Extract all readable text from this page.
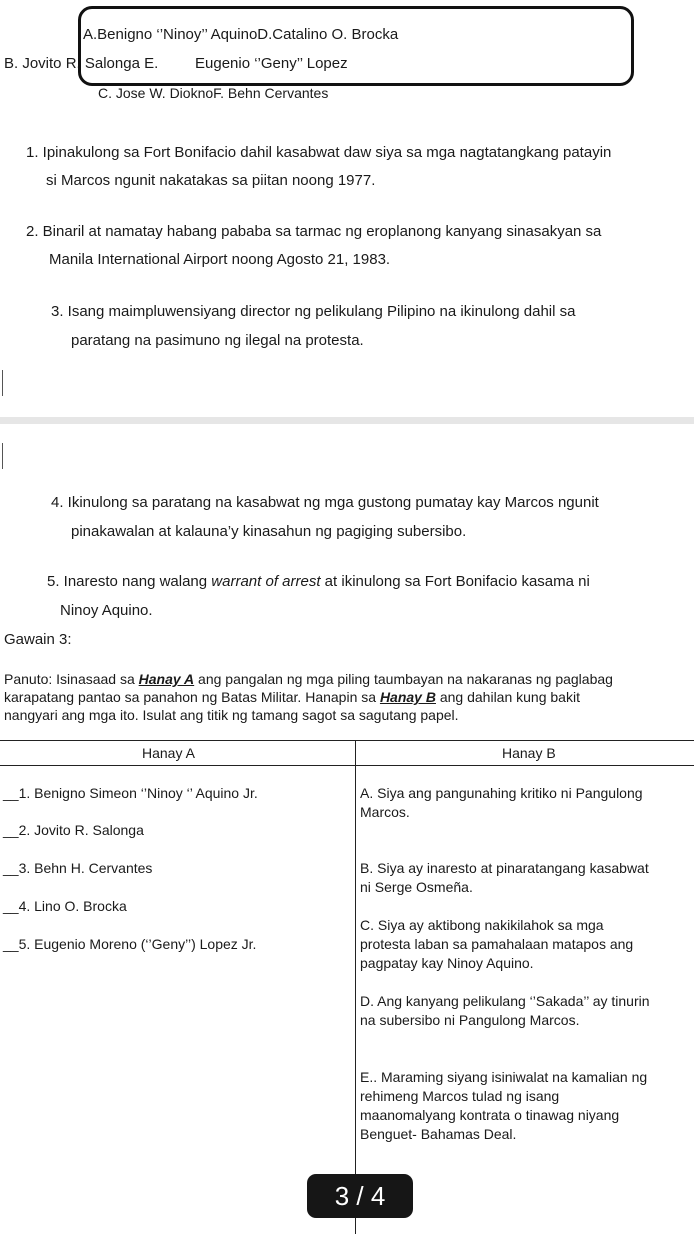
A.Benigno ‘’Ninoy’’ AquinoD.Catalino O. Brocka
B. Jovito R. Salonga E. Eugenio ‘’Geny’’ Lopez
C. Jose W. DioknoF. Behn Cervantes
1. Ipinakulong sa Fort Bonifacio dahil kasabwat daw siya sa mga nagtatangkang patayin
si Marcos ngunit nakatakas sa piitan noong 1977.
2. Binaril at namatay habang pababa sa tarmac ng eroplanong kanyang sinasakyan sa
Manila International Airport noong Agosto 21, 1983.
3. Isang maimpluwensiyang director ng pelikulang Pilipino na ikinulong dahil sa
paratang na pasimuno ng ilegal na protesta.
4. Ikinulong sa paratang na kasabwat ng mga gustong pumatay kay Marcos ngunit
pinakawalan at kalauna’y kinasahun ng pagiging subersibo.
5. Inaresto nang walang warrant of arrest at ikinulong sa Fort Bonifacio kasama ni
Ninoy Aquino.
Gawain 3:
Panuto: Isinasaad sa Hanay A ang pangalan ng mga piling taumbayan na nakaranas ng paglabag
karapatang pantao sa panahon ng Batas Militar. Hanapin sa Hanay B ang dahilan kung bakit
nangyari ang mga ito. Isulat ang titik ng tamang sagot sa sagutang papel.
Hanay A	Hanay B
__1. Benigno Simeon ‘’Ninoy ‘’ Aquino Jr.
__2. Jovito R. Salonga
__3. Behn H. Cervantes
__4. Lino O. Brocka
__5. Eugenio Moreno (‘’Geny’’) Lopez Jr.
A. Siya ang pangunahing kritiko ni Pangulong
Marcos.
B. Siya ay inaresto at pinaratangang kasabwat
ni Serge Osmeña.
C. Siya ay aktibong nakikilahok sa mga
protesta laban sa pamahalaan matapos ang
pagpatay kay Ninoy Aquino.
D. Ang kanyang pelikulang ‘’Sakada’’ ay tinurin
na subersibo ni Pangulong Marcos.
E.. Maraming siyang isiniwalat na kamalian ng
rehimeng Marcos tulad ng isang
maanomalyang kontrata o tinawag niyang
Benguet- Bahamas Deal.
3 / 4
